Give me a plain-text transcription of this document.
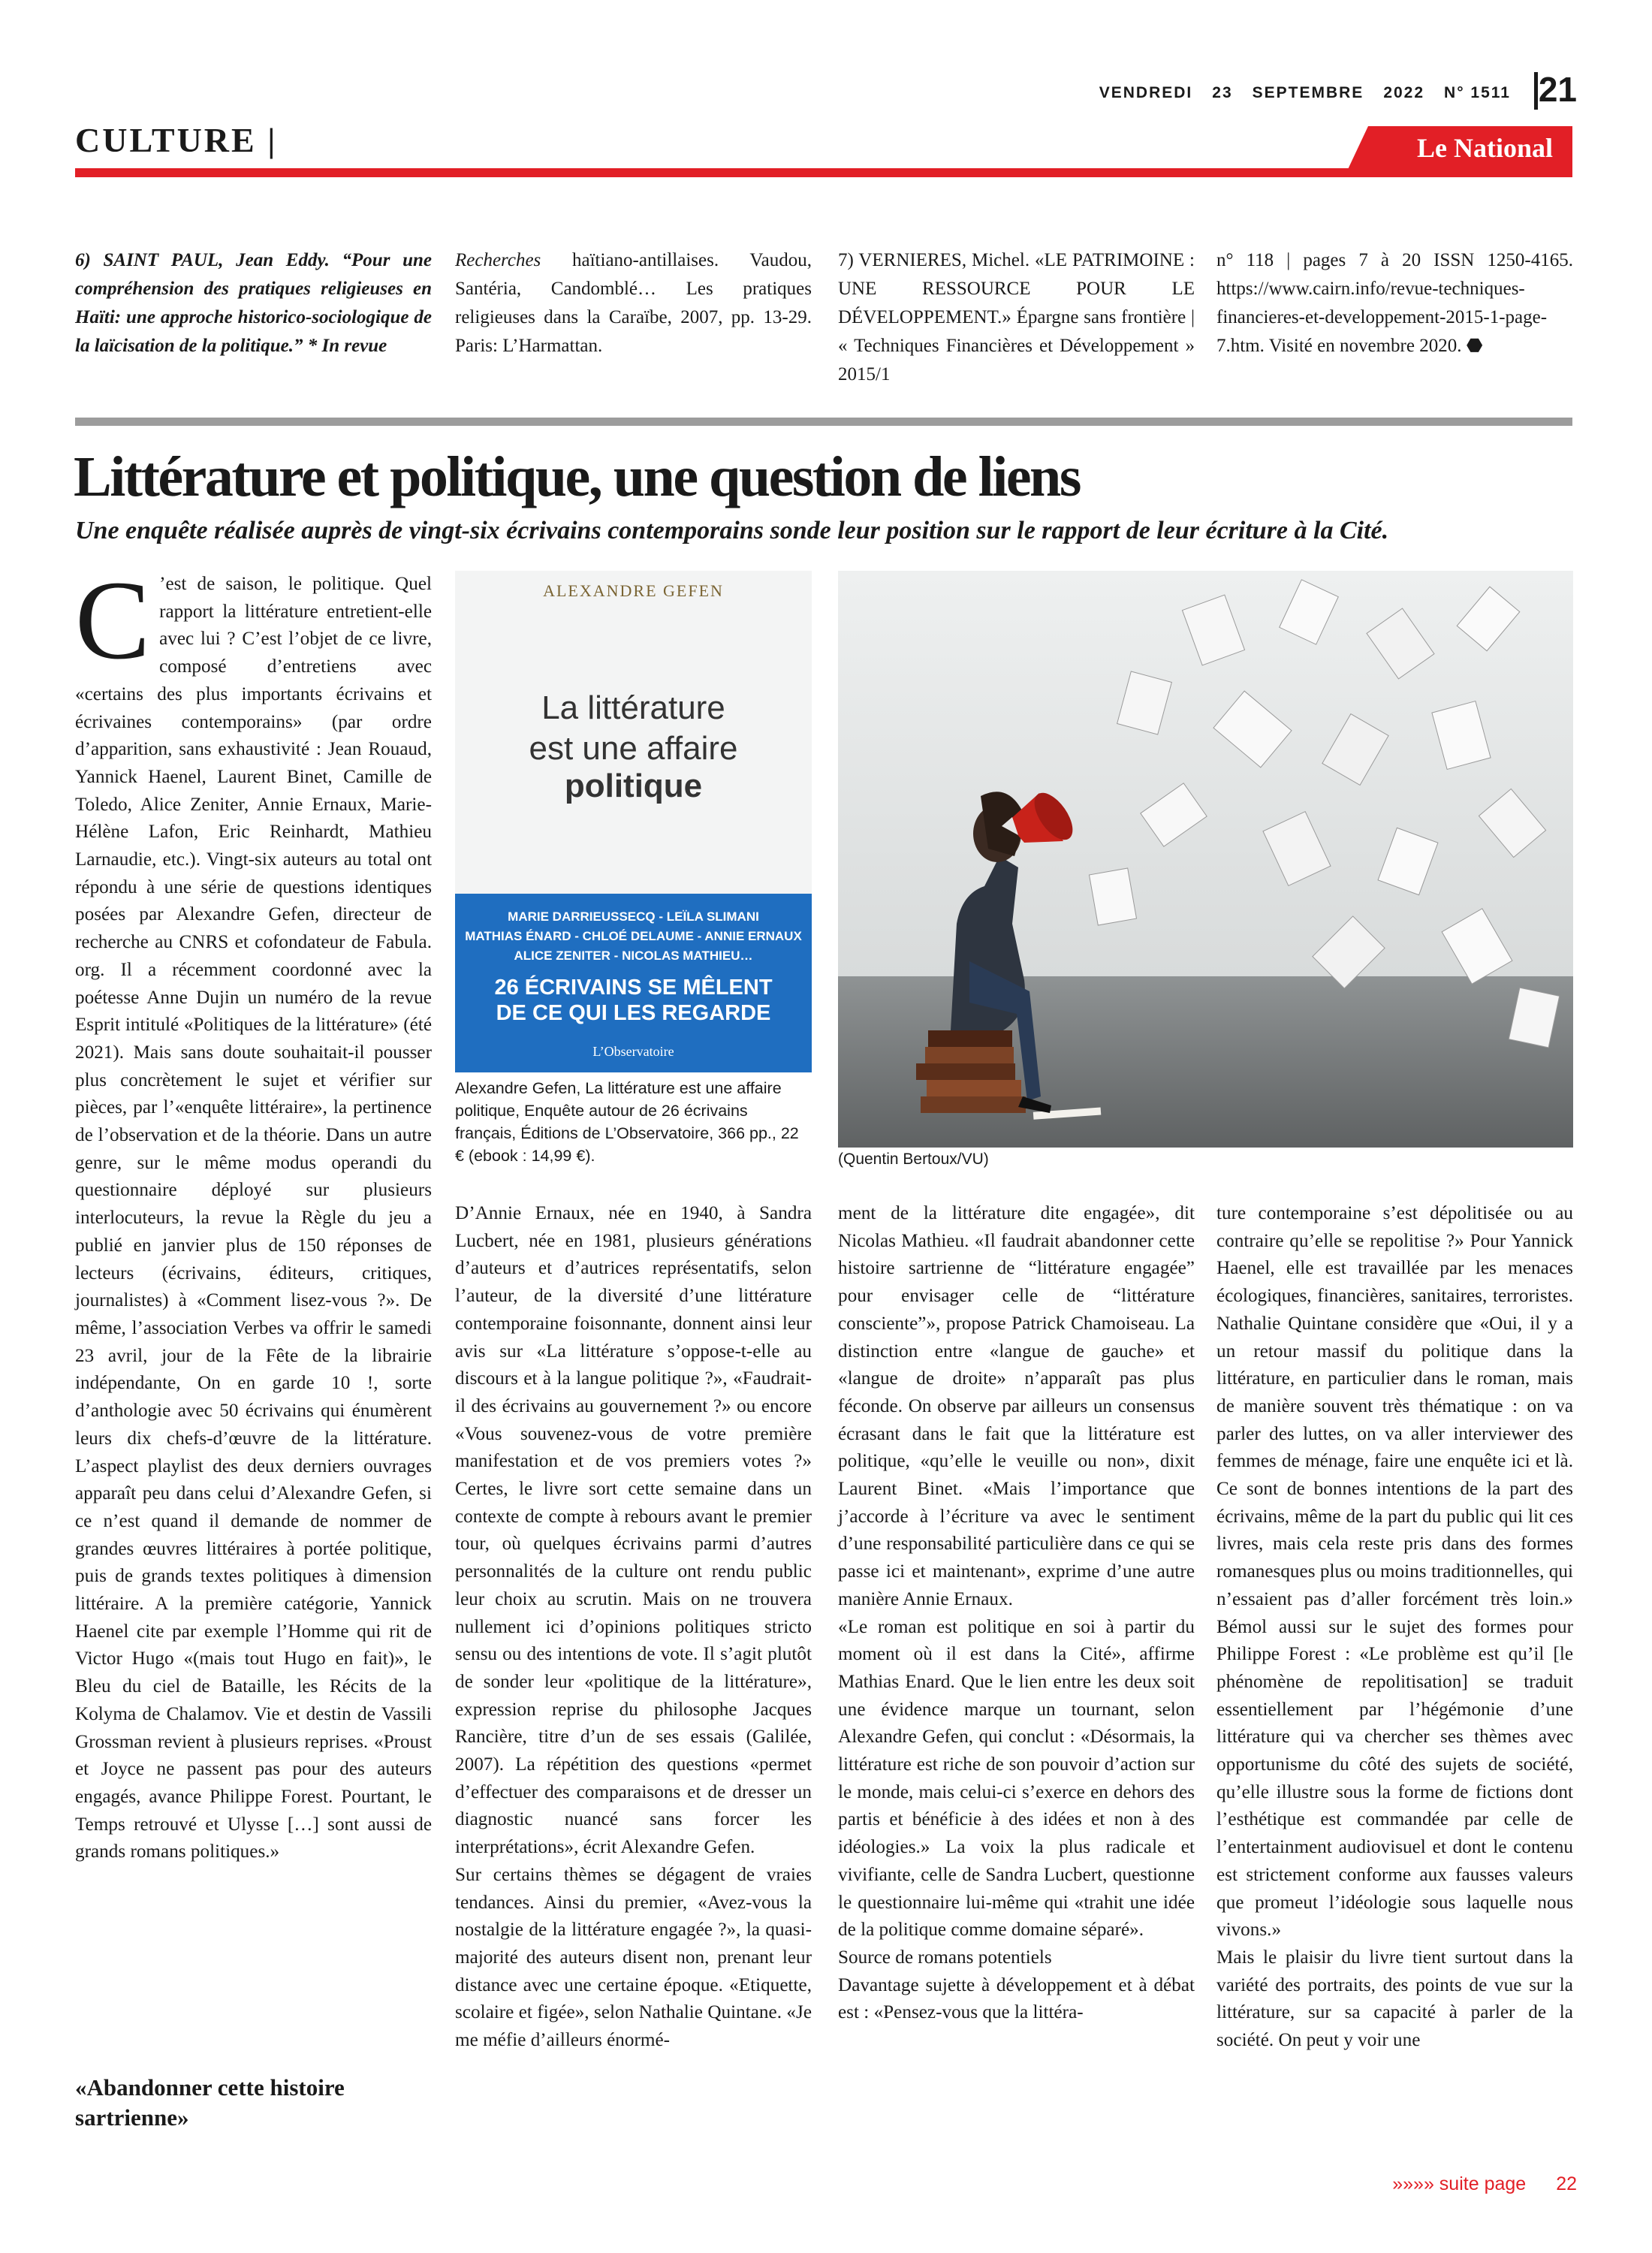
VENDREDI 23 SEPTEMBRE 2022 N° 1511 21
CULTURE |	Le National
6) SAINT PAUL, Jean Eddy. “Pour une compréhension des pratiques religieuses en Haïti: une approche historico-sociologique de la laïcisation de la politique.” * In revue
Recherches haïtiano-antillaises. Vaudou, Santéria, Candomblé… Les pratiques religieuses dans la Caraïbe, 2007, pp. 13-29. Paris: L’Harmattan.
7) VERNIERES, Michel. «LE PATRIMOINE : UNE RESSOURCE POUR LE DÉVELOPPEMENT.» Épargne sans frontière | « Techniques Financières et Développement » 2015/1
n° 118 | pages 7 à 20 ISSN 1250-4165. https://www.cairn.info/revue-techniques-financieres-et-developpement-2015-1-page-7.htm. Visité en novembre 2020. ⬣
Littérature et politique, une question de liens
Une enquête réalisée auprès de vingt-six écrivains contemporains sonde leur position sur le rapport de leur écriture à la Cité.
C ’est de saison, le politique. Quel rapport la littérature entretient-elle avec lui ? C’est l’objet de ce livre, composé d’entretiens avec «certains des plus importants écrivains et écrivaines contemporains» (par ordre d’apparition, sans exhaustivité : Jean Rouaud, Yannick Haenel, Laurent Binet, Camille de Toledo, Alice Zeniter, Annie Ernaux, Marie-Hélène Lafon, Eric Reinhardt, Mathieu Larnaudie, etc.). Vingt-six auteurs au total ont répondu à une série de questions identiques posées par Alexandre Gefen, directeur de recherche au CNRS et cofondateur de Fabula. org. Il a récemment coordonné avec la poétesse Anne Dujin un numéro de la revue Esprit intitulé «Politiques de la littérature» (été 2021). Mais sans doute souhaitait-il pousser plus concrètement le sujet et vérifier sur pièces, par l’«enquête littéraire», la pertinence de l’observation et de la théorie. Dans un autre genre, sur le même modus operandi du questionnaire déployé sur plusieurs interlocuteurs, la revue la Règle du jeu a publié en janvier plus de 150 réponses de lecteurs (écrivains, éditeurs, critiques, journalistes) à «Comment lisez-vous ?». De même, l’association Verbes va offrir le samedi 23 avril, jour de la Fête de la librairie indépendante, On en garde 10 !, sorte d’anthologie avec 50 écrivains qui énumèrent leurs dix chefs-d’œuvre de la littérature. L’aspect playlist des deux derniers ouvrages apparaît peu dans celui d’Alexandre Gefen, si ce n’est quand il demande de nommer de grandes œuvres littéraires à portée politique, puis de grands textes politiques à dimension littéraire. A la première catégorie, Yannick Haenel cite par exemple l’Homme qui rit de Victor Hugo «(mais tout Hugo en fait)», le Bleu du ciel de Bataille, les Récits de la Kolyma de Chalamov. Vie et destin de Vassili Grossman revient à plusieurs reprises. «Proust et Joyce ne passent pas pour des auteurs engagés, avance Philippe Forest. Pourtant, le Temps retrouvé et Ulysse […] sont aussi de grands romans politiques.»

«Abandonner cette histoire sartrienne»
ALEXANDRE GEFEN
La littérature
est une affaire
politique
MARIE DARRIEUSSECQ - LEÏLA SLIMANI
MATHIAS ÉNARD - CHLOÉ DELAUME - ANNIE ERNAUX
ALICE ZENITER - NICOLAS MATHIEU…
26 ÉCRIVAINS SE MÊLENT
DE CE QUI LES REGARDE
L’Observatoire
Alexandre Gefen, La littérature est une affaire politique, Enquête autour de 26 écrivains français, Éditions de L’Observatoire, 366 pp., 22 € (ebook : 14,99 €).	(Quentin Bertoux/VU)

D’Annie Ernaux, née en 1940, à Sandra Lucbert, née en 1981, plusieurs générations d’auteurs et d’autrices représentatifs, selon l’auteur, de la diversité d’une littérature contemporaine foisonnante, donnent ainsi leur avis sur «La littérature s’oppose-t-elle au discours et à la langue politique ?», «Faudrait-il des écrivains au gouvernement ?» ou encore «Vous souvenez-vous de votre première manifestation et de vos premiers votes ?» Certes, le livre sort cette semaine dans un contexte de compte à rebours avant le premier tour, où quelques écrivains parmi d’autres personnalités de la culture ont rendu public leur choix au scrutin. Mais on ne trouvera nullement ici d’opinions politiques stricto sensu ou des intentions de vote. Il s’agit plutôt de sonder leur «politique de la littérature», expression reprise du philosophe Jacques Rancière, titre d’un de ses essais (Galilée, 2007). La répétition des questions «permet d’effectuer des comparaisons et de dresser un diagnostic nuancé sans forcer les interprétations», écrit Alexandre Gefen.

Sur certains thèmes se dégagent de vraies tendances. Ainsi du premier, «Avez-vous la nostalgie de la littérature engagée ?», la quasi-majorité des auteurs disent non, prenant leur distance avec une certaine époque. «Etiquette, scolaire et figée», selon Nathalie Quintane. «Je me méfie d’ailleurs énormé-

ment de la littérature dite engagée», dit Nicolas Mathieu. «Il faudrait abandonner cette histoire sartrienne de “littérature engagée” pour envisager celle de “littérature consciente”», propose Patrick Chamoiseau. La distinction entre «langue de gauche» et «langue de droite» n’apparaît pas plus féconde. On observe par ailleurs un consensus écrasant dans le fait que la littérature est politique, «qu’elle le veuille ou non», dixit Laurent Binet. «Mais l’importance que j’accorde à l’écriture va avec le sentiment d’une responsabilité particulière dans ce qui se passe ici et maintenant», exprime d’une autre manière Annie Ernaux.

«Le roman est politique en soi à partir du moment où il est dans la Cité», affirme Mathias Enard. Que le lien entre les deux soit une évidence marque un tournant, selon Alexandre Gefen, qui conclut : «Désormais, la littérature est riche de son pouvoir d’action sur le monde, mais celui-ci s’exerce en dehors des partis et bénéficie à des idées et non à des idéologies.» La voix la plus radicale et vivifiante, celle de Sandra Lucbert, questionne le questionnaire lui-même qui «trahit une idée de la politique comme domaine séparé».

Source de romans potentiels

Davantage sujette à développement et à débat est : «Pensez-vous que la littéra-

ture contemporaine s’est dépolitisée ou au contraire qu’elle se repolitise ?» Pour Yannick Haenel, elle est travaillée par les menaces écologiques, financières, sanitaires, terroristes. Nathalie Quintane considère que «Oui, il y a un retour massif du politique dans la littérature, en particulier dans le roman, mais de manière souvent très thématique : on va parler des luttes, on va aller interviewer des femmes de ménage, faire une enquête ici et là. Ce sont de bonnes intentions de la part des écrivains, même de la part du public qui lit ces livres, mais cela reste pris dans des formes romanesques plus ou moins traditionnelles, qui n’essaient pas d’aller forcément très loin.» Bémol aussi sur le sujet des formes pour Philippe Forest : «Le problème est qu’il [le phénomène de repolitisation] se traduit essentiellement par l’hégémonie d’une littérature qui va chercher ses thèmes avec opportunisme du côté des sujets de société, qu’elle illustre sous la forme de fictions dont l’esthétique est commandée par celle de l’entertainment audiovisuel et dont le contenu est strictement conforme aux fausses valeurs que promeut l’idéologie sous laquelle nous vivons.»

Mais le plaisir du livre tient surtout dans la variété des portraits, des points de vue sur la littérature, sur sa capacité à parler de la société. On peut y voir une

»»»» suite page 22
